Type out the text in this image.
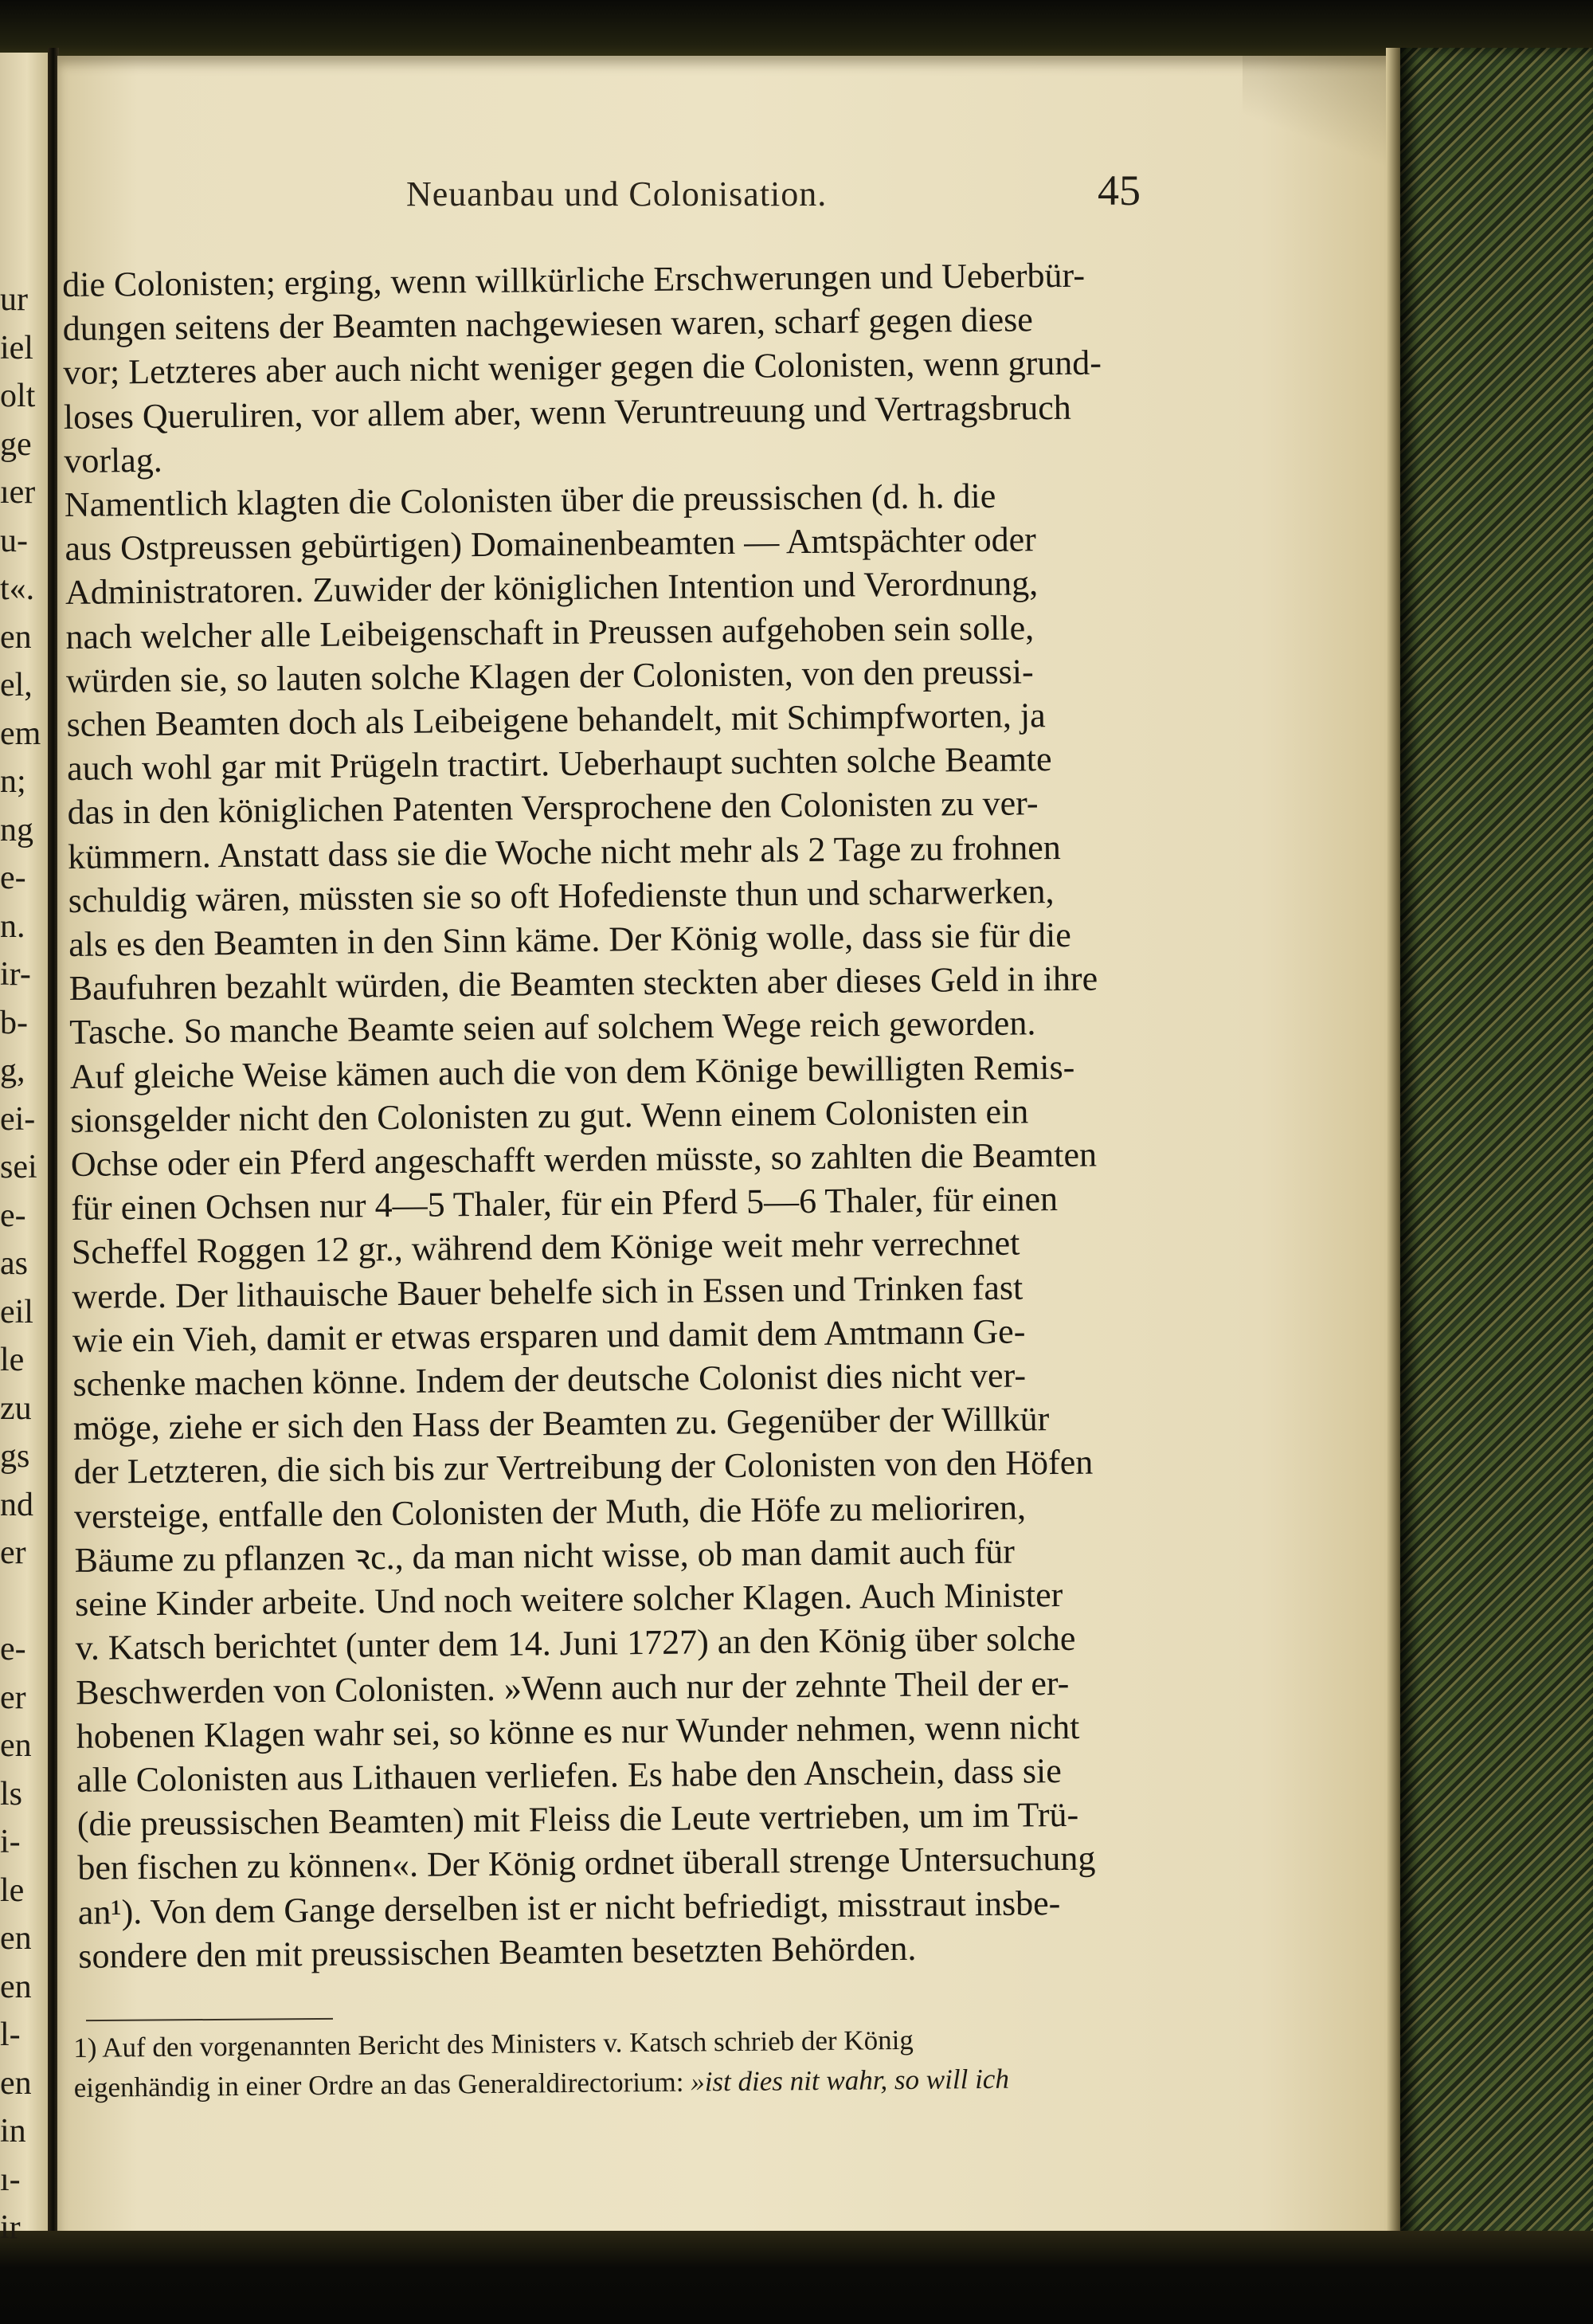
Neuanbau und Colonisation.	45
die Colonisten; erging, wenn willkürliche Erschwerungen und Ueberbür-
dungen seitens der Beamten nachgewiesen waren, scharf gegen diese
vor; Letzteres aber auch nicht weniger gegen die Colonisten, wenn grund-
loses Queruliren, vor allem aber, wenn Veruntreuung und Vertragsbruch
vorlag.
Namentlich klagten die Colonisten über die preussischen (d. h. die
aus Ostpreussen gebürtigen) Domainenbeamten — Amtspächter oder
Administratoren. Zuwider der königlichen Intention und Verordnung,
nach welcher alle Leibeigenschaft in Preussen aufgehoben sein solle,
würden sie, so lauten solche Klagen der Colonisten, von den preussi-
schen Beamten doch als Leibeigene behandelt, mit Schimpfworten, ja
auch wohl gar mit Prügeln tractirt. Ueberhaupt suchten solche Beamte
das in den königlichen Patenten Versprochene den Colonisten zu ver-
kümmern. Anstatt dass sie die Woche nicht mehr als 2 Tage zu frohnen
schuldig wären, müssten sie so oft Hofedienste thun und scharwerken,
als es den Beamten in den Sinn käme. Der König wolle, dass sie für die
Baufuhren bezahlt würden, die Beamten steckten aber dieses Geld in ihre
Tasche. So manche Beamte seien auf solchem Wege reich geworden.
Auf gleiche Weise kämen auch die von dem Könige bewilligten Remis-
sionsgelder nicht den Colonisten zu gut. Wenn einem Colonisten ein
Ochse oder ein Pferd angeschafft werden müsste, so zahlten die Beamten
für einen Ochsen nur 4—5 Thaler, für ein Pferd 5—6 Thaler, für einen
Scheffel Roggen 12 gr., während dem Könige weit mehr verrechnet
werde. Der lithauische Bauer behelfe sich in Essen und Trinken fast
wie ein Vieh, damit er etwas ersparen und damit dem Amtmann Ge-
schenke machen könne. Indem der deutsche Colonist dies nicht ver-
möge, ziehe er sich den Hass der Beamten zu. Gegenüber der Willkür
der Letzteren, die sich bis zur Vertreibung der Colonisten von den Höfen
versteige, entfalle den Colonisten der Muth, die Höfe zu melioriren,
Bäume zu pflanzen ꝛc., da man nicht wisse, ob man damit auch für
seine Kinder arbeite. Und noch weitere solcher Klagen. Auch Minister
v. Katsch berichtet (unter dem 14. Juni 1727) an den König über solche
Beschwerden von Colonisten. »Wenn auch nur der zehnte Theil der er-
hobenen Klagen wahr sei, so könne es nur Wunder nehmen, wenn nicht
alle Colonisten aus Lithauen verliefen. Es habe den Anschein, dass sie
(die preussischen Beamten) mit Fleiss die Leute vertrieben, um im Trü-
ben fischen zu können«. Der König ordnet überall strenge Untersuchung
an¹). Von dem Gange derselben ist er nicht befriedigt, misstraut insbe-
sondere den mit preussischen Beamten besetzten Behörden.
1) Auf den vorgenannten Bericht des Ministers v. Katsch schrieb der König
eigenhändig in einer Ordre an das Generaldirectorium: »ist dies nit wahr, so will ich
ur
iel
olt
ge
ıer
u-
t«.
en
el,
em
n;
ng
e-
n.
ir-
b-
g,
ei-
sei
e-
as
eil
le
zu
gs
nd
er
e-
er
en
ls
i-
le
en
en
l-
en
in
ı-
ir
